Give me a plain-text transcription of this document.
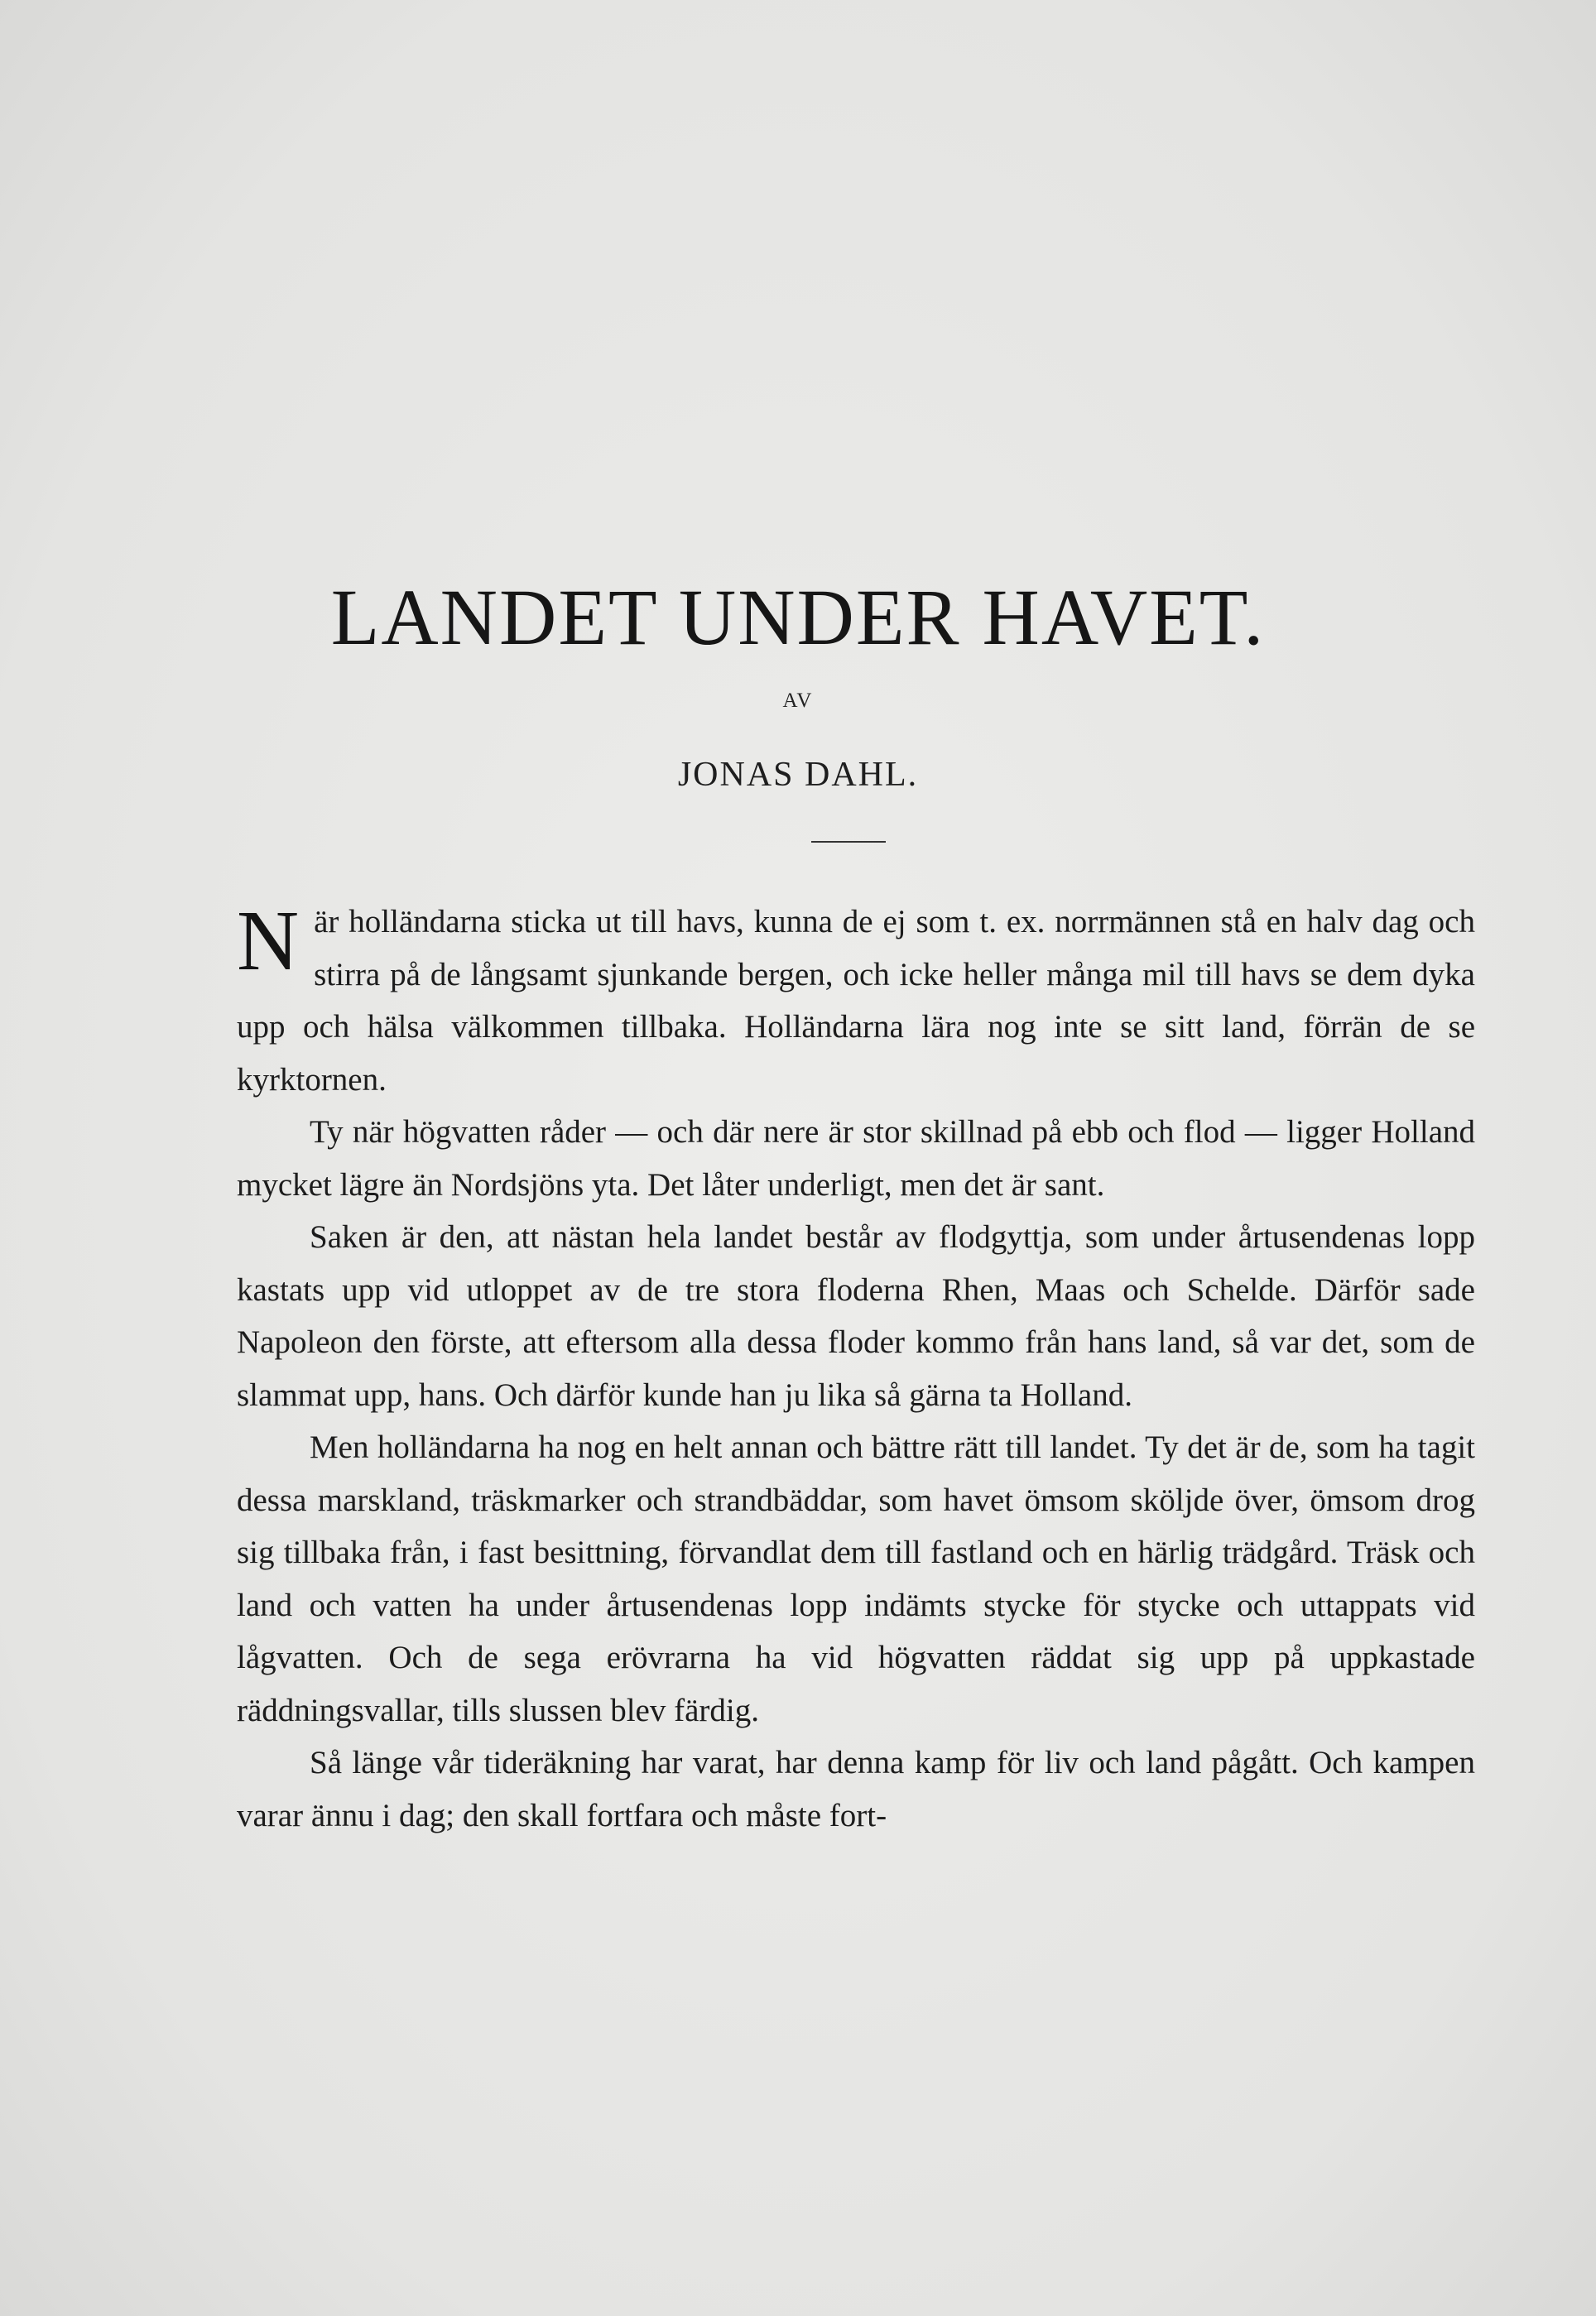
LANDET UNDER HAVET.
AV
JONAS DAHL.

När holländarna sticka ut till havs, kunna de ej som t. ex. norrmännen stå en halv dag och stirra på de långsamt sjunkande bergen, och icke heller många mil till havs se dem dyka upp och hälsa välkommen tillbaka. Holländarna lära nog inte se sitt land, förrän de se kyrktornen.

Ty när högvatten råder — och där nere är stor skillnad på ebb och flod — ligger Holland mycket lägre än Nordsjöns yta. Det låter underligt, men det är sant.

Saken är den, att nästan hela landet består av flodgyttja, som under årtusendenas lopp kastats upp vid utloppet av de tre stora floderna Rhen, Maas och Schelde. Därför sade Napoleon den förste, att eftersom alla dessa floder kommo från hans land, så var det, som de slammat upp, hans. Och därför kunde han ju lika så gärna ta Holland.

Men holländarna ha nog en helt annan och bättre rätt till landet. Ty det är de, som ha tagit dessa marskland, träskmarker och strandbäddar, som havet ömsom sköljde över, ömsom drog sig tillbaka från, i fast besittning, förvandlat dem till fastland och en härlig trädgård. Träsk och land och vatten ha under årtusendenas lopp indämts stycke för stycke och uttappats vid lågvatten. Och de sega erövrarna ha vid högvatten räddat sig upp på uppkastade räddningsvallar, tills slussen blev färdig.

Så länge vår tideräkning har varat, har denna kamp för liv och land pågått. Och kampen varar ännu i dag; den skall fortfara och måste fort-
